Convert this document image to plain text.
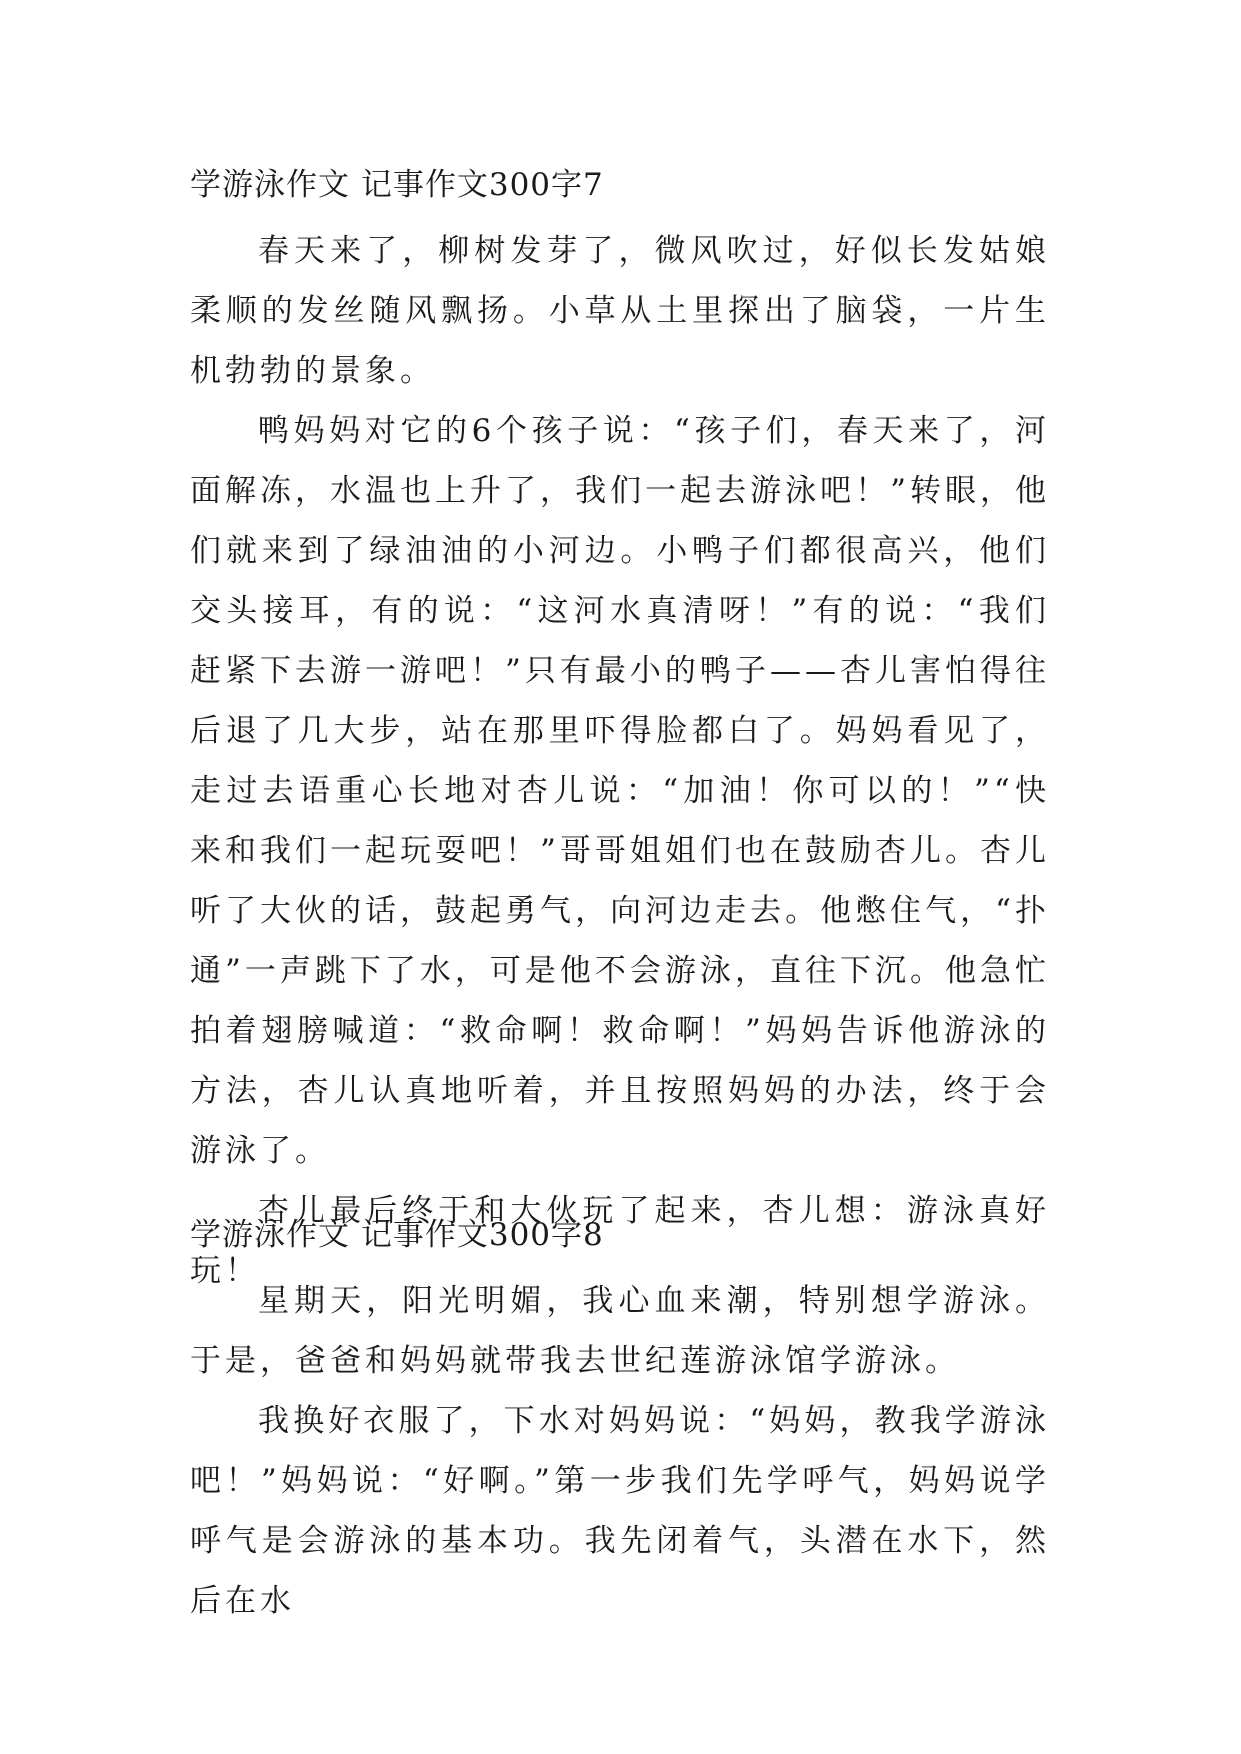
学游泳作文 记事作文300字7

春天来了，柳树发芽了，微风吹过，好似长发姑娘柔顺的发丝随风飘扬。小草从土里探出了脑袋，一片生机勃勃的景象。

鸭妈妈对它的6个孩子说：“孩子们，春天来了，河面解冻，水温也上升了，我们一起去游泳吧！”转眼，他们就来到了绿油油的小河边。小鸭子们都很高兴，他们交头接耳，有的说：“这河水真清呀！”有的说：“我们赶紧下去游一游吧！”只有最小的鸭子——杏儿害怕得往后退了几大步，站在那里吓得脸都白了。妈妈看见了，走过去语重心长地对杏儿说：“加油！你可以的！”“快来和我们一起玩耍吧！”哥哥姐姐们也在鼓励杏儿。杏儿听了大伙的话，鼓起勇气，向河边走去。他憋住气，“扑通”一声跳下了水，可是他不会游泳，直往下沉。他急忙拍着翅膀喊道：“救命啊！救命啊！”妈妈告诉他游泳的方法，杏儿认真地听着，并且按照妈妈的办法，终于会游泳了。

杏儿最后终于和大伙玩了起来，杏儿想：游泳真好玩！

学游泳作文 记事作文300字8

星期天，阳光明媚，我心血来潮，特别想学游泳。于是，爸爸和妈妈就带我去世纪莲游泳馆学游泳。

我换好衣服了，下水对妈妈说：“妈妈，教我学游泳吧！”妈妈说：“好啊。”第一步我们先学呼气，妈妈说学呼气是会游泳的基本功。我先闭着气，头潜在水下，然后在水
